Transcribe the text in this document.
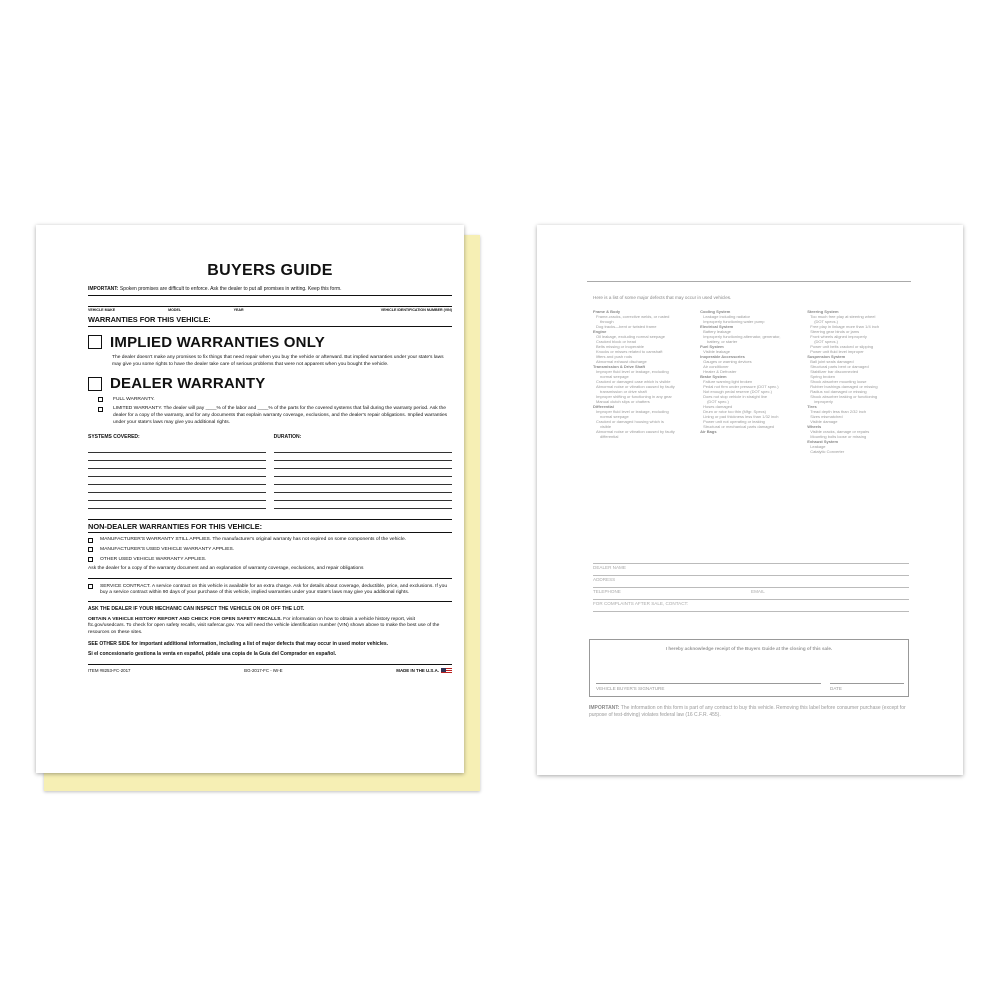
BUYERS GUIDE
IMPORTANT: Spoken promises are difficult to enforce. Ask the dealer to put all promises in writing. Keep this form.
VEHICLE MAKE	MODEL	YEAR	VEHICLE IDENTIFICATION NUMBER (VIN)
WARRANTIES FOR THIS VEHICLE:
IMPLIED WARRANTIES ONLY
The dealer doesn't make any promises to fix things that need repair when you buy the vehicle or afterward. But implied warranties under your state's laws may give you some rights to have the dealer take care of serious problems that were not apparent when you bought the vehicle.
DEALER WARRANTY
FULL WARRANTY.
LIMITED WARRANTY. The dealer will pay ____% of the labor and ____% of the parts for the covered systems that fail during the warranty period. Ask the dealer for a copy of the warranty, and for any documents that explain warranty coverage, exclusions, and the dealer's repair obligations. Implied warranties under your state's laws may give you additional rights.
SYSTEMS COVERED:	DURATION:
NON-DEALER WARRANTIES FOR THIS VEHICLE:
MANUFACTURER'S WARRANTY STILL APPLIES. The manufacturer's original warranty has not expired on some components of the vehicle.
MANUFACTURER'S USED VEHICLE WARRANTY APPLIES.
OTHER USED VEHICLE WARRANTY APPLIES.
Ask the dealer for a copy of the warranty document and an explanation of warranty coverage, exclusions, and repair obligations
SERVICE CONTRACT. A service contract on this vehicle is available for an extra charge. Ask for details about coverage, deductible, price, and exclusions. If you buy a service contract within 90 days of your purchase of this vehicle, implied warranties under your state's laws may give you additional rights.
ASK THE DEALER IF YOUR MECHANIC CAN INSPECT THE VEHICLE ON OR OFF THE LOT.
OBTAIN A VEHICLE HISTORY REPORT AND CHECK FOR OPEN SAFETY RECALLS. For information on how to obtain a vehicle history report, visit ftc.gov/usedcars. To check for open safety recalls, visit safercar.gov. You will need the vehicle identification number (VIN) shown above to make the best use of the resources on these sites.
SEE OTHER SIDE for important additional information, including a list of major defects that may occur in used motor vehicles.
Si el concesionario gestiona la venta en español, pídale una copia de la Guía del Comprador en español.
ITEM #8253-FC-2017	BG-2017-FC - IW-E	MADE IN THE U.S.A.
Here is a list of some major defects that may occur in used vehicles.
Frame & Body
Frame-cracks, corrective welds, or rusted
through
Dog tracks—bent or twisted frame
Engine
Oil leakage, excluding normal seepage
Cracked block or head
Belts missing or inoperable
Knocks or misses related to camshaft
lifters and push rods
Abnormal exhaust discharge
Transmission & Drive Shaft
Improper fluid level or leakage, excluding
normal seepage
Cracked or damaged case which is visible
Abnormal noise or vibration caused by faulty
transmission or drive shaft
Improper shifting or functioning in any gear
Manual clutch slips or chatters
Differential
Improper fluid level or leakage, excluding
normal seepage
Cracked or damaged housing which is
visible
Abnormal noise or vibration caused by faulty
differential
Cooling System
Leakage including radiator
Improperly functioning water pump
Electrical System
Battery leakage
Improperly functioning alternator, generator,
battery, or starter
Fuel System
Visible leakage
Inoperable Accessories
Gauges or warning devices
Air conditioner
Heater & Defroster
Brake System
Failure warning light broken
Pedal not firm under pressure (DOT spec.)
Not enough pedal reserve (DOT spec.)
Does not stop vehicle in straight line
(DOT spec.)
Hoses damaged
Drum or rotor too thin (Mfgr. Specs)
Lining or pad thickness less than 1/32 inch
Power unit not operating or leaking
Structural or mechanical parts damaged
Air Bags
Steering System
Too much free play at steering wheel
(DOT specs.)
Free play in linkage more than 1/4 inch
Steering gear binds or jams
Front wheels aligned improperly
(DOT specs.)
Power unit belts cracked or slipping
Power unit fluid level improper
Suspension System
Ball joint seals damaged
Structural parts bent or damaged
Stabilizer bar disconnected
Spring broken
Shock absorber mounting loose
Rubber bushings damaged or missing
Radius rod damaged or missing
Shock absorber leaking or functioning
improperly
Tires
Tread depth less than 2/32 inch
Sizes mismatched
Visible damage
Wheels
Visible cracks, damage or repairs
Mounting bolts loose or missing
Exhaust System
Leakage
Catalytic Converter
DEALER NAME
ADDRESS
TELEPHONE	EMAIL
FOR COMPLAINTS AFTER SALE, CONTACT:
I hereby acknowledge receipt of the Buyers Guide at the closing of this sale.
VEHICLE BUYER'S SIGNATURE	DATE
IMPORTANT: The information on this form is part of any contract to buy this vehicle. Removing this label before consumer purchase (except for purpose of test-driving) violates federal law (16 C.F.R. 455).
